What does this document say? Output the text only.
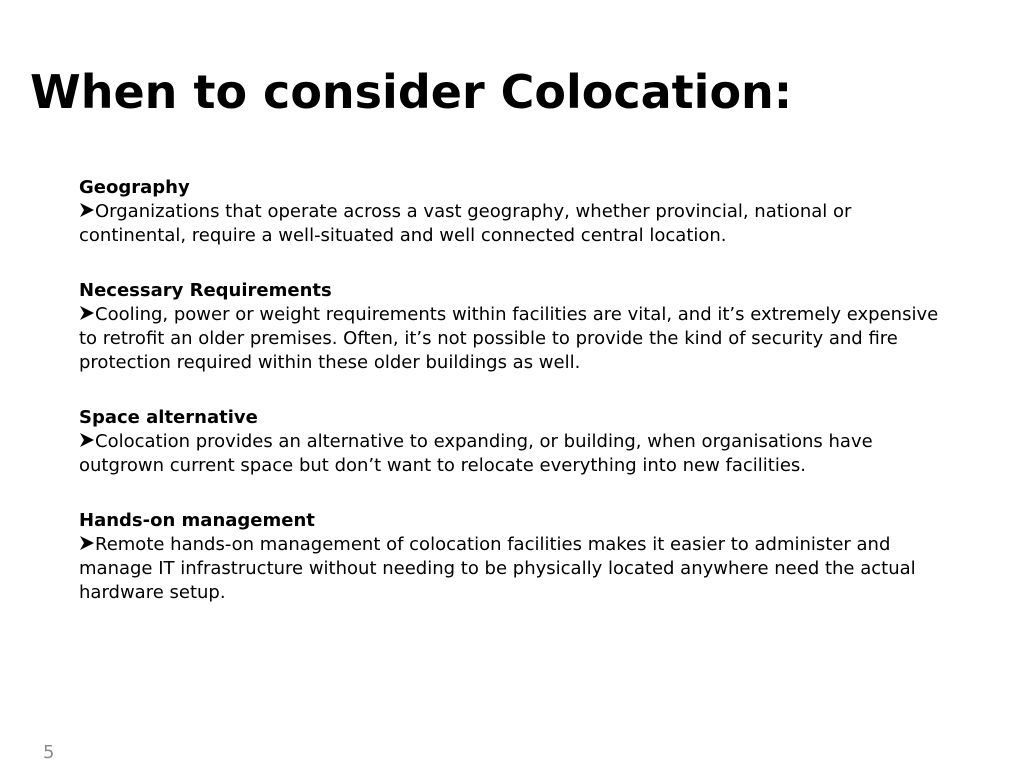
When to consider Colocation:
Geography

Organizations that operate across a vast geography, whether provincial, national or continental, require a well-situated and well connected central location.

Necessary Requirements

Cooling, power or weight requirements within facilities are vital, and it’s extremely expensive to retrofit an older premises. Often, it’s not possible to provide the kind of security and fire protection required within these older buildings as well.

Space alternative

Colocation provides an alternative to expanding, or building, when organisations have outgrown current space but don’t want to relocate everything into new facilities.

Hands-on management

Remote hands-on management of colocation facilities makes it easier to administer and manage IT infrastructure without needing to be physically located anywhere need the actual hardware setup.

5
